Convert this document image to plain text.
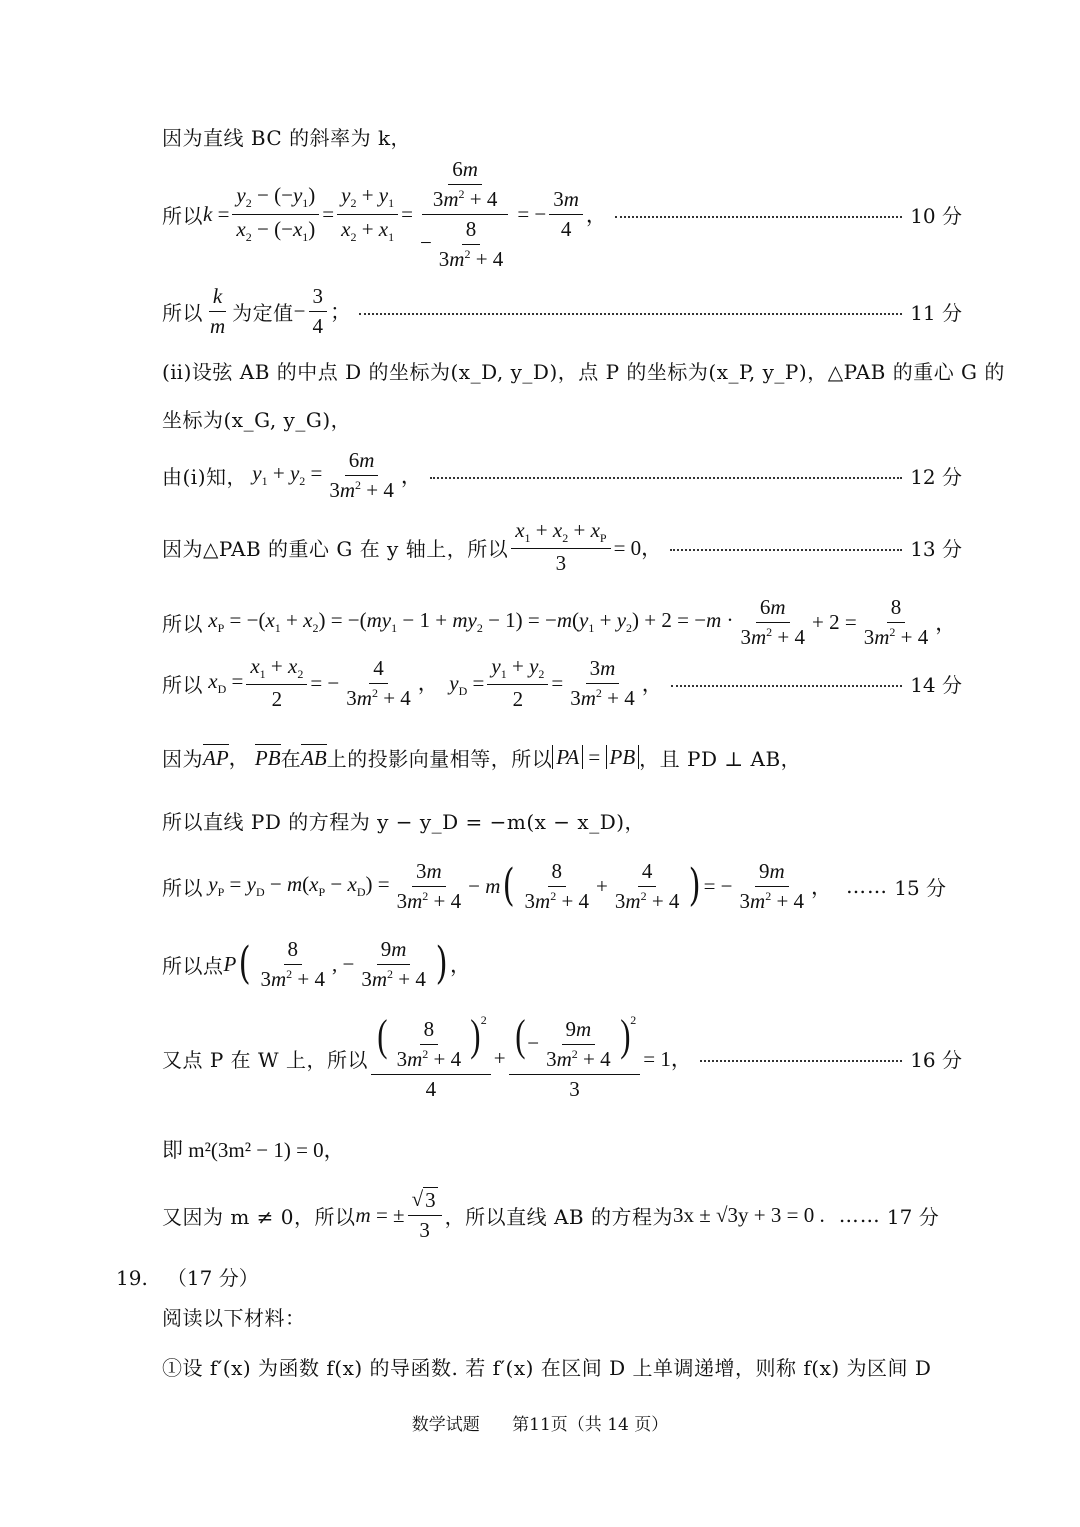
因为直线 BC 的斜率为 k，
所以 $k = \frac{y_2 - (-y_1)}{x_2 - (-x_1)} = \frac{y_2 + y_1}{x_2 + x_1} = \frac{\frac{6m}{3m^2 + 4}}{- \frac{8}{3m^2 + 4}}$ = − $\frac{3m}{4}$ ，	10 分
所以 $\frac{k}{m}$ 为定值 − $\frac{3}{4}$ ；	11 分
(ⅱ)设弦 AB 的中点 D 的坐标为(x_D, y_D)，点 P 的坐标为(x_P, y_P)，△PAB 的重心 G 的
坐标为(x_G, y_G)，
由(ⅰ)知， $y_1 + y_2 = \frac{6m}{3m^2 + 4}$ ，	12 分
因为△PAB 的重心 G 在 y 轴上，所以 $\frac{x_1 + x_2 + x_P}{3} = 0$，	13 分
所以 $x_P = -(x_1 + x_2) = -(my_1 - 1 + my_2 - 1) = -m(y_1 + y_2) + 2 = -m \cdot \frac{6m}{3m^2 + 4} + 2 = \frac{8}{3m^2 + 4}$ ，
所以 $x_D = \frac{x_1 + x_2}{2}$ = − $\frac{4}{3m^2 + 4}$ ，  $y_D = \frac{y_1 + y_2}{2} = \frac{3m}{3m^2 + 4}$ ，	14 分
因为 AP ， PB 在 AB 上的投影向量相等，所以 PA = PB ，且 PD ⊥ AB，
所以直线 PD 的方程为 y − y_D = −m(x − x_D)，
所以 $y_P = y_D - m(x_P - x_D) = \frac{3m}{3m^2 + 4} - m$ ( $\frac{8}{3m^2 + 4} + \frac{4}{3m^2 + 4}$ ) = − $\frac{9m}{3m^2 + 4}$ ， …… 15 分
所以点 P ( $\frac{8}{3m^2 + 4}$ , − $\frac{9m}{3m^2 + 4}$ ) ，
又点 P 在 W 上，所以 $\frac{( \frac{8}{3m^2 + 4} )^2}{4} + \frac{( - \frac{9m}{3m^2 + 4} )^2}{3} = 1$，	16 分
即 m²(3m² − 1) = 0，
又因为 m ≠ 0，所以 m = ± $\frac{√ 3}{3}$ ，所以直线 AB 的方程为 3x ± √3y + 3 = 0 . …… 17 分
19. （17 分）
阅读以下材料：
①设 f′(x) 为函数 f(x) 的导函数. 若 f′(x) 在区间 D 上单调递增，则称 f(x) 为区间 D
数学试题 第11页（共 14 页）
